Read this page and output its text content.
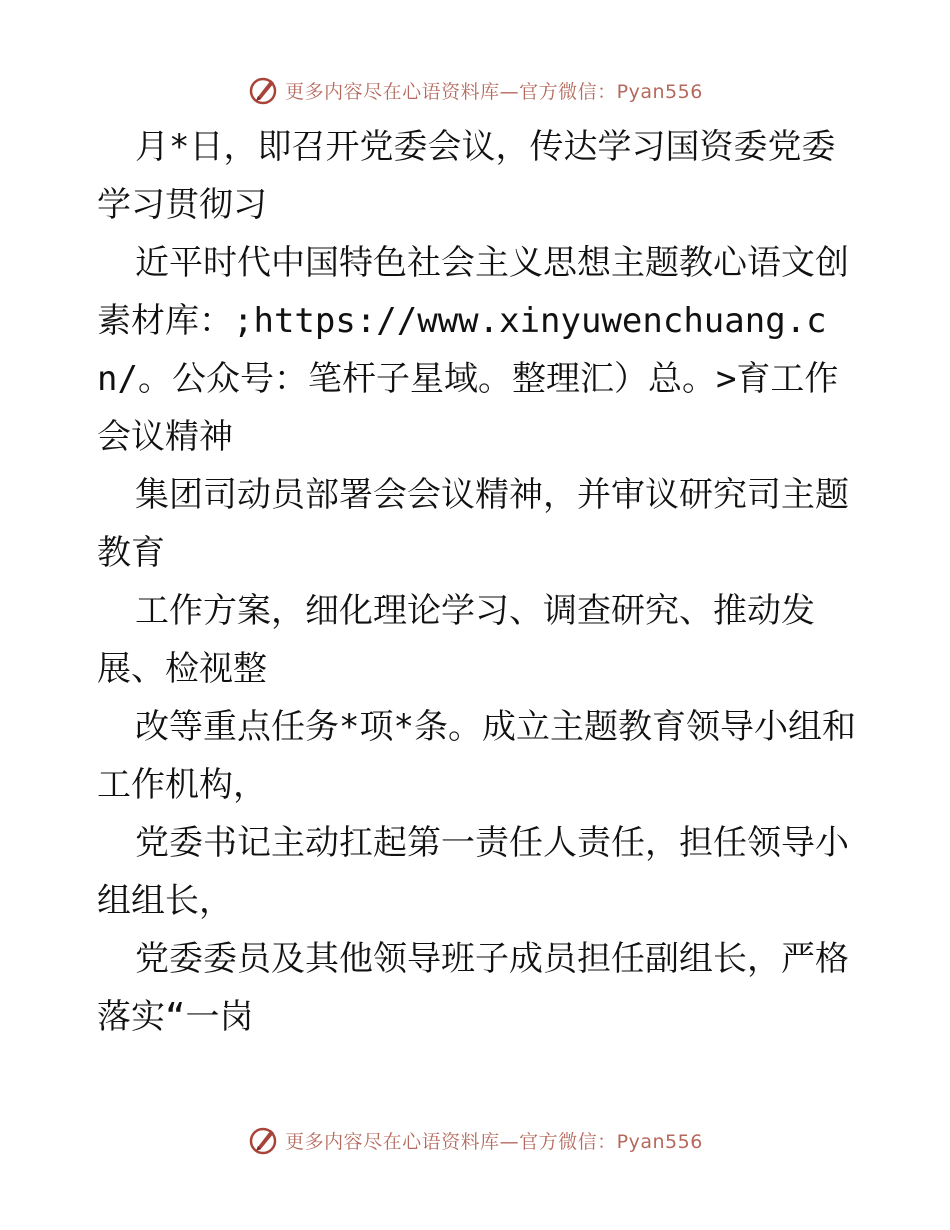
更多内容尽在心语资料库—官方微信：Pyan556

月*日，即召开党委会议，传达学习国资委党委学习贯彻习

近平时代中国特色社会主义思想主题教心语文创素材库：;https://www.xinyuwenchuang.cn/。公众号：笔杆子星域。整理汇）总。>育工作会议精神

集团司动员部署会会议精神，并审议研究司主题教育

工作方案，细化理论学习、调查研究、推动发展、检视整

改等重点任务*项*条。成立主题教育领导小组和工作机构，

党委书记主动扛起第一责任人责任，担任领导小组组长，

党委委员及其他领导班子成员担任副组长，严格落实“一岗

更多内容尽在心语资料库—官方微信：Pyan556
